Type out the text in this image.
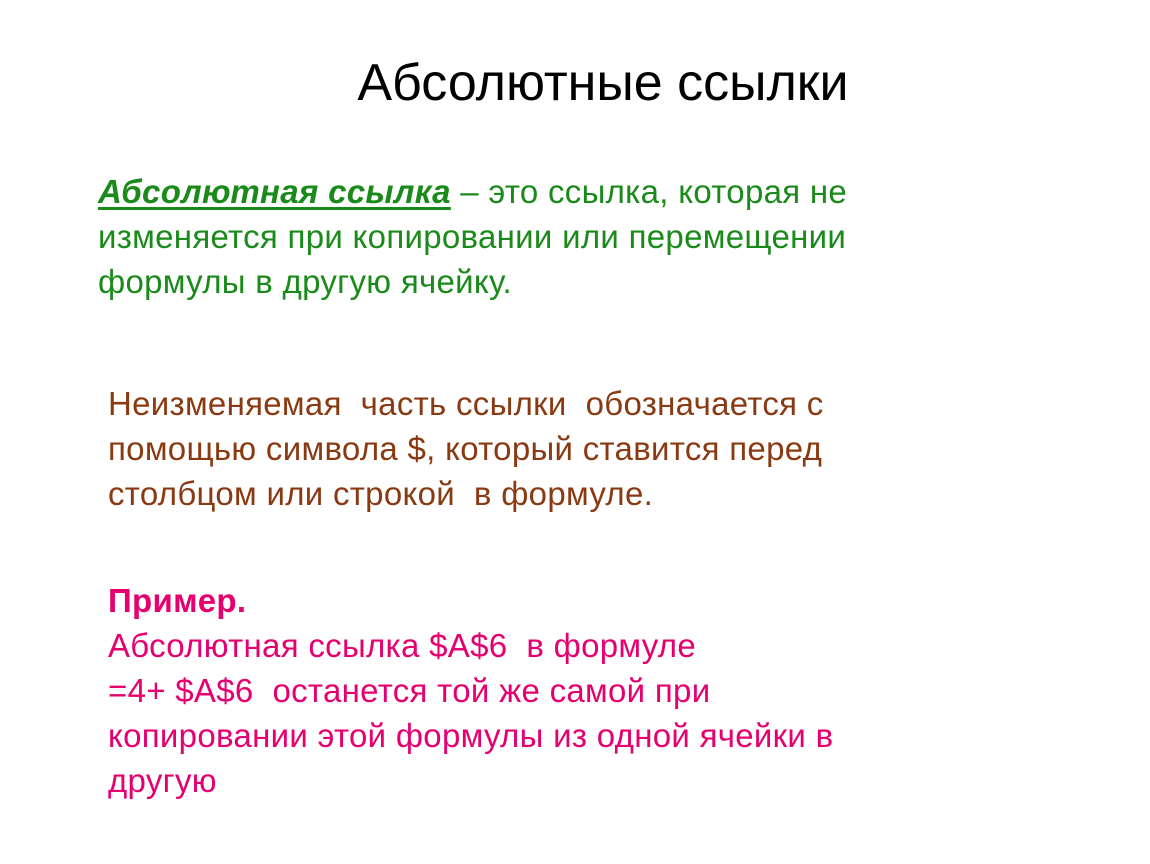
Абсолютные ссылки

Абсолютная ссылка – это ссылка, которая не
изменяется при копировании или перемещении
формулы в другую ячейку.

Неизменяемая  часть ссылки  обозначается с
помощью символа $, который ставится перед
столбцом или строкой  в формуле.

Пример.
Абсолютная ссылка $A$6  в формуле
=4+ $A$6  останется той же самой при
копировании этой формулы из одной ячейки в
другую
